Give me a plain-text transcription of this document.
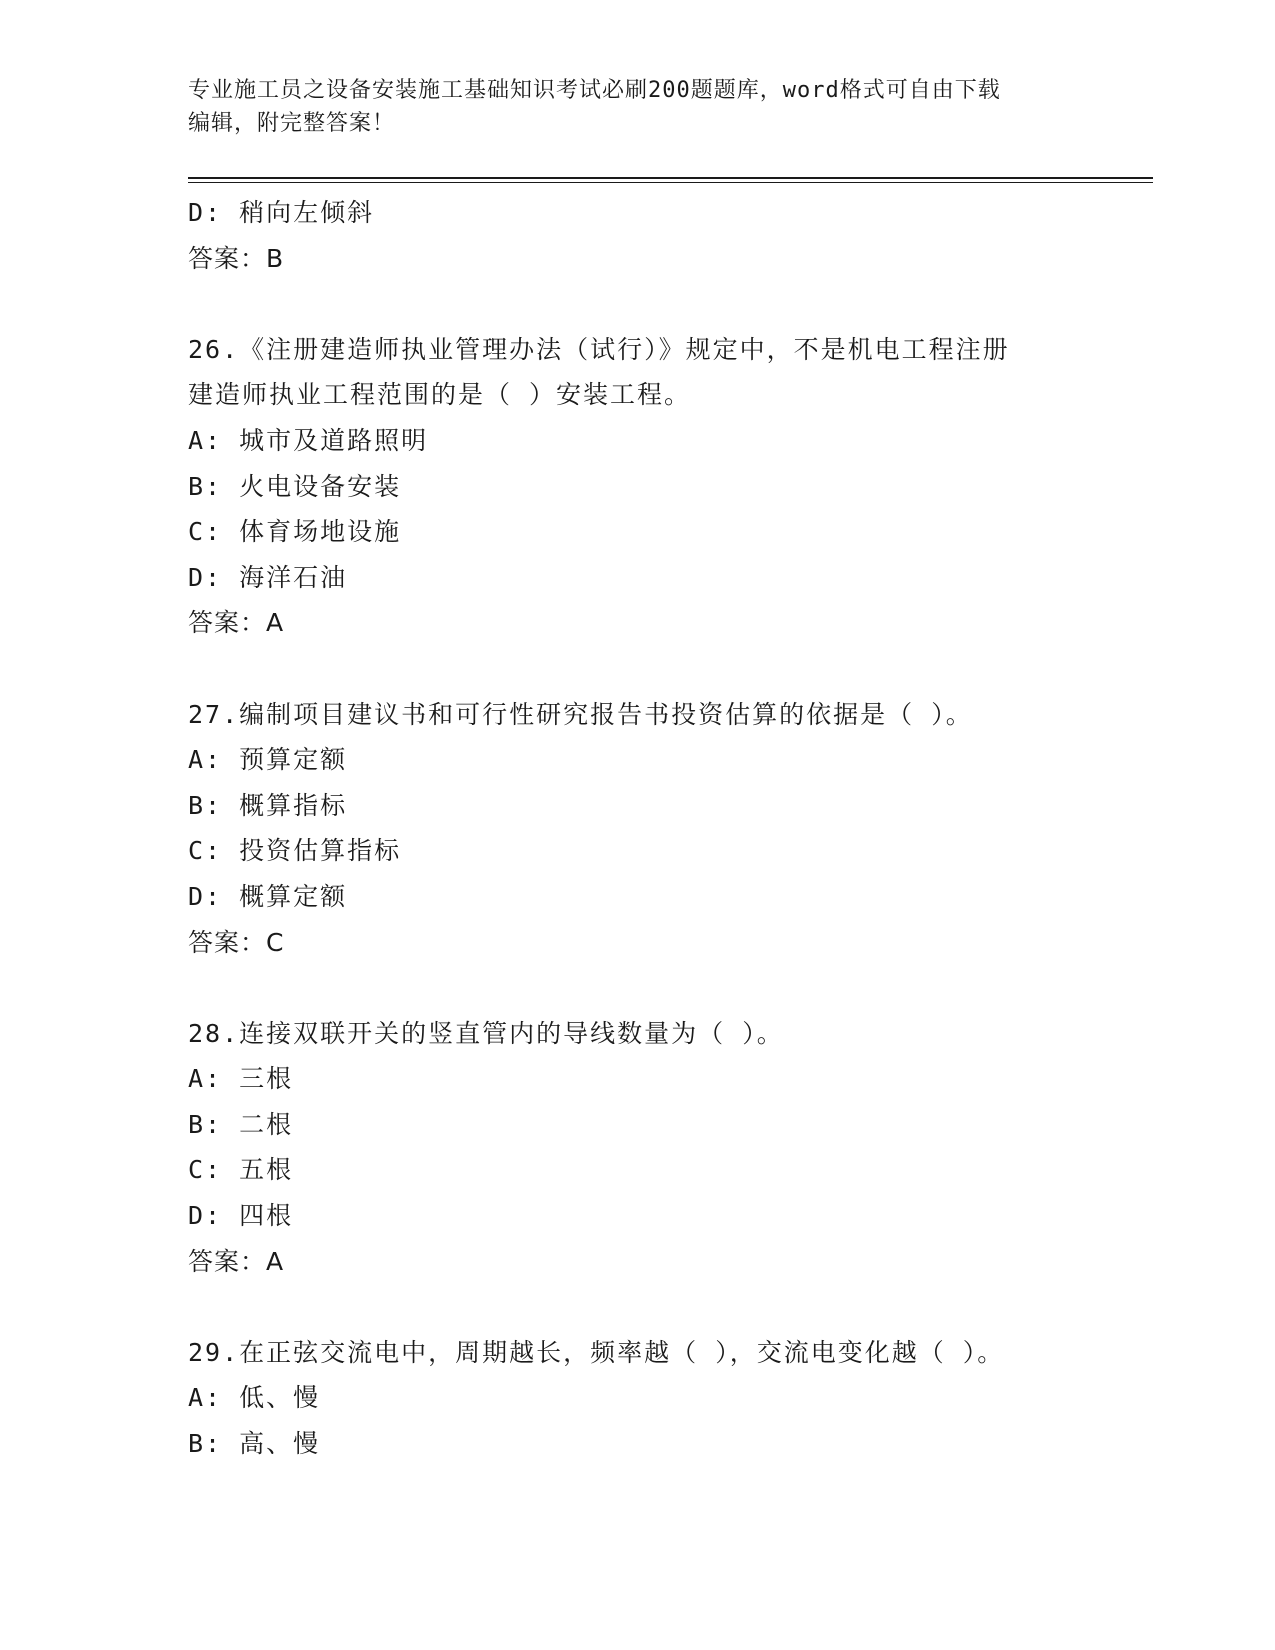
专业施工员之设备安装施工基础知识考试必刷200题题库，word格式可自由下载
编辑，附完整答案！
D: 稍向左倾斜
答案：B
26.《注册建造师执业管理办法（试行）》规定中，不是机电工程注册
建造师执业工程范围的是（ ）安装工程。
A: 城市及道路照明
B: 火电设备安装
C: 体育场地设施
D: 海洋石油
答案：A
27.编制项目建议书和可行性研究报告书投资估算的依据是（ ）。
A: 预算定额
B: 概算指标
C: 投资估算指标
D: 概算定额
答案：C
28.连接双联开关的竖直管内的导线数量为（ ）。
A: 三根
B: 二根
C: 五根
D: 四根
答案：A
29.在正弦交流电中，周期越长，频率越（ ），交流电变化越（ ）。
A: 低、慢
B: 高、慢
